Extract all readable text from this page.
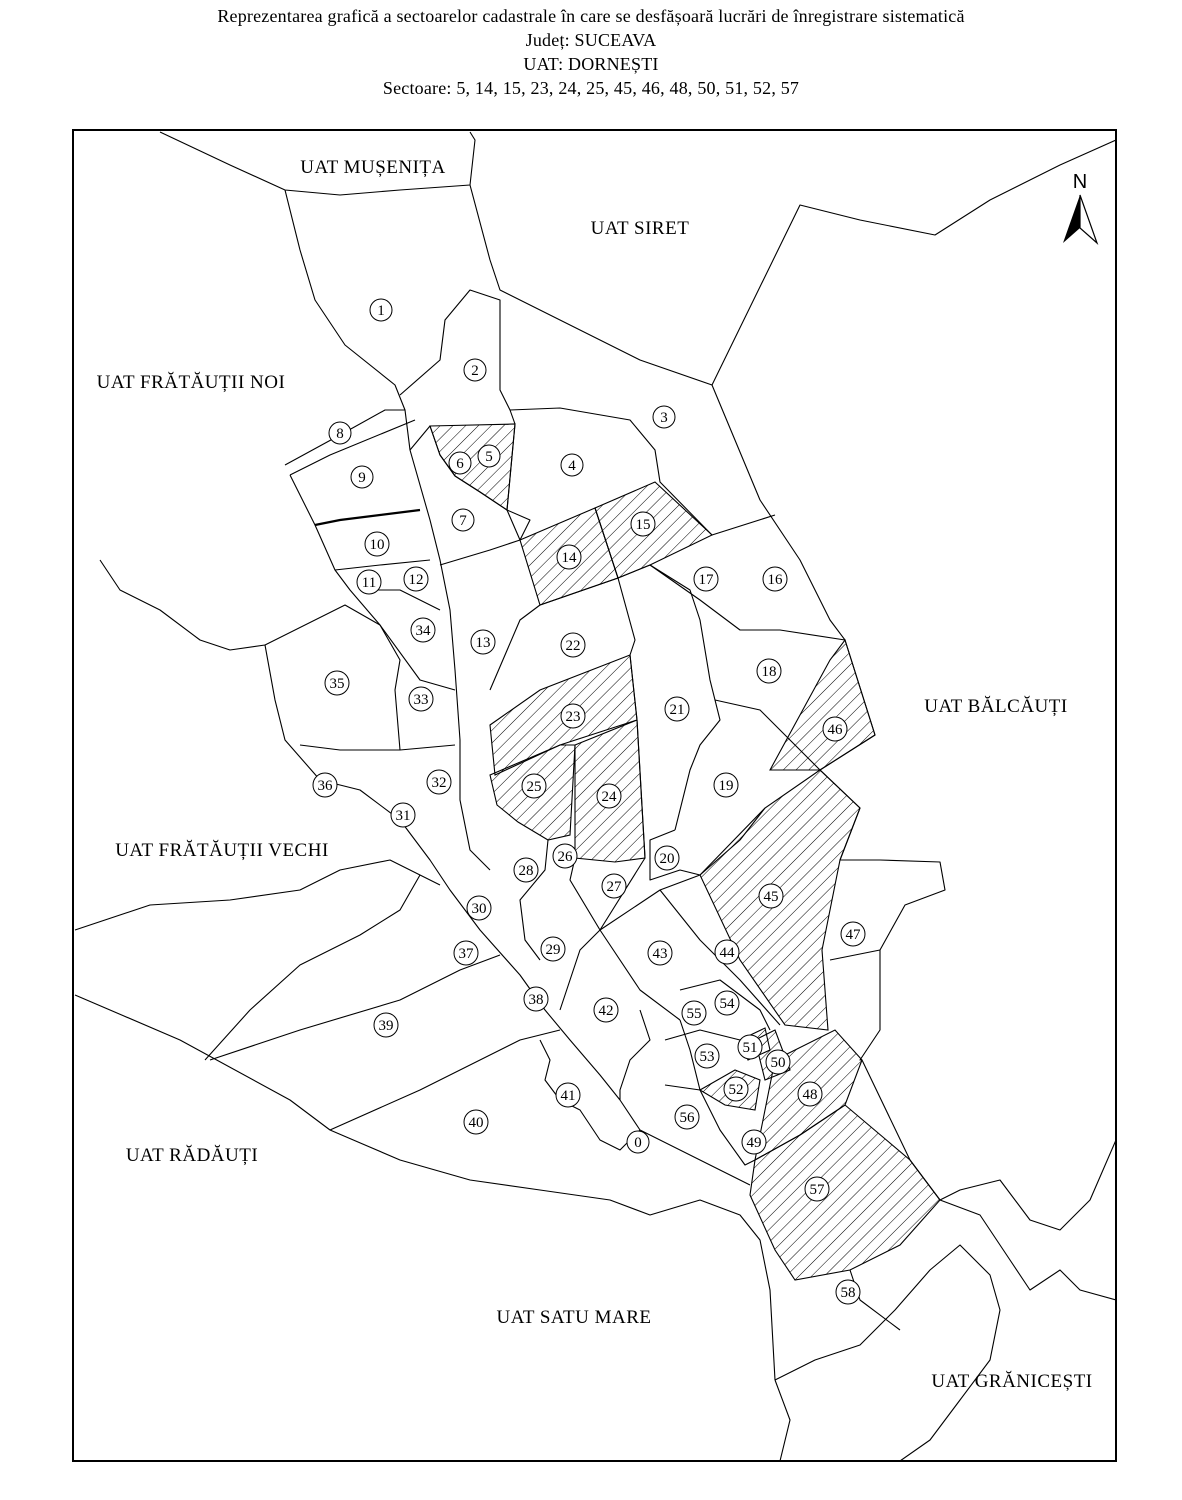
Reprezentarea grafică a sectoarelor cadastrale în care se desfășoară lucrări de înregistrare sistematică
Județ: SUCEAVA
UAT: DORNEȘTI
Sectoare: 5, 14, 15, 23, 24, 25, 45, 46, 48, 50, 51, 52, 57
N
UAT MUȘENIȚA
UAT SIRET
UAT FRĂTĂUȚII NOI
UAT BĂLCĂUȚI
UAT FRĂTĂUȚII VECHI
UAT RĂDĂUȚI
UAT SATU MARE
UAT GRĂNICEȘTI
0
1
2
3
4
5
6
7
8
9
10
11 12
13
14
15
16
17
18
19
20
21
22
23
24
25
26
27
28
29
30
31
32
33
34
35
36
37
38
39
40
41
42
43	44
45
46
47
48
49
50
51
52
53
54
55
56
57
58
